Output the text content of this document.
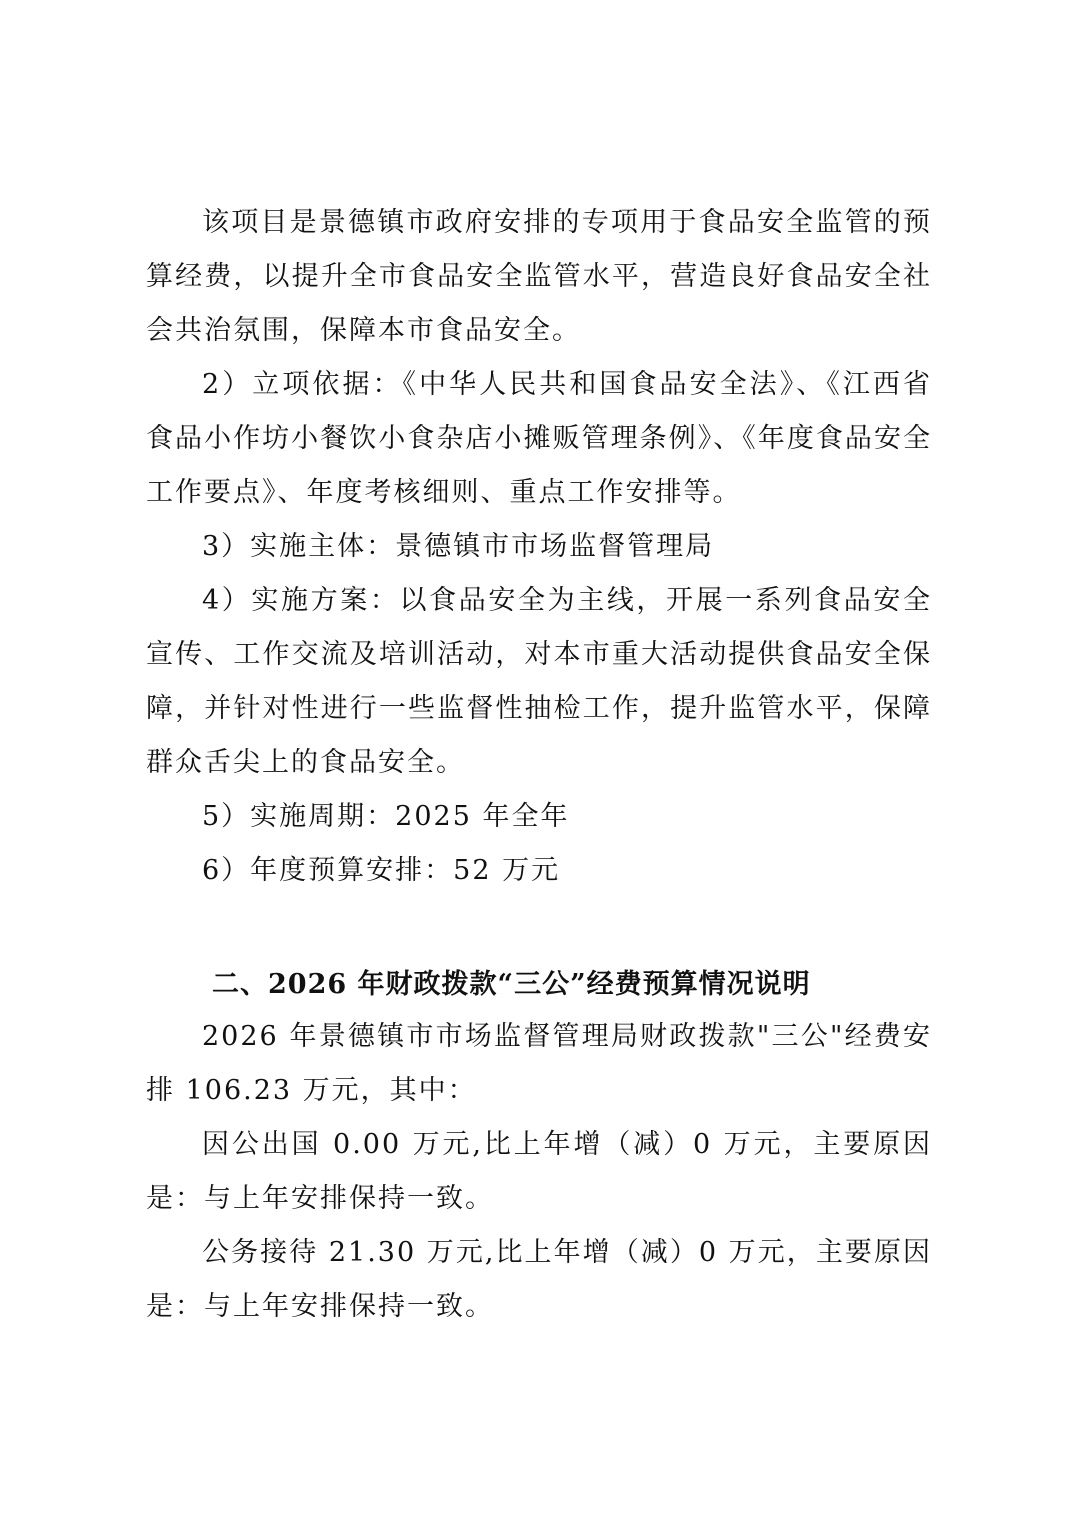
该项目是景德镇市政府安排的专项用于食品安全监管的预算经费，以提升全市食品安全监管水平，营造良好食品安全社会共治氛围，保障本市食品安全。

2）立项依据：《中华人民共和国食品安全法》、《江西省食品小作坊小餐饮小食杂店小摊贩管理条例》、《年度食品安全工作要点》、年度考核细则、重点工作安排等。

3）实施主体：景德镇市市场监督管理局

4）实施方案：以食品安全为主线，开展一系列食品安全宣传、工作交流及培训活动，对本市重大活动提供食品安全保障，并针对性进行一些监督性抽检工作，提升监管水平，保障群众舌尖上的食品安全。

5）实施周期：2025 年全年

6）年度预算安排：52 万元

二、2026 年财政拨款“三公”经费预算情况说明

2026 年景德镇市市场监督管理局财政拨款"三公"经费安排 106.23 万元，其中：

因公出国 0.00 万元,比上年增（减）0 万元，主要原因是：与上年安排保持一致。

公务接待 21.30 万元,比上年增（减）0 万元，主要原因是：与上年安排保持一致。
